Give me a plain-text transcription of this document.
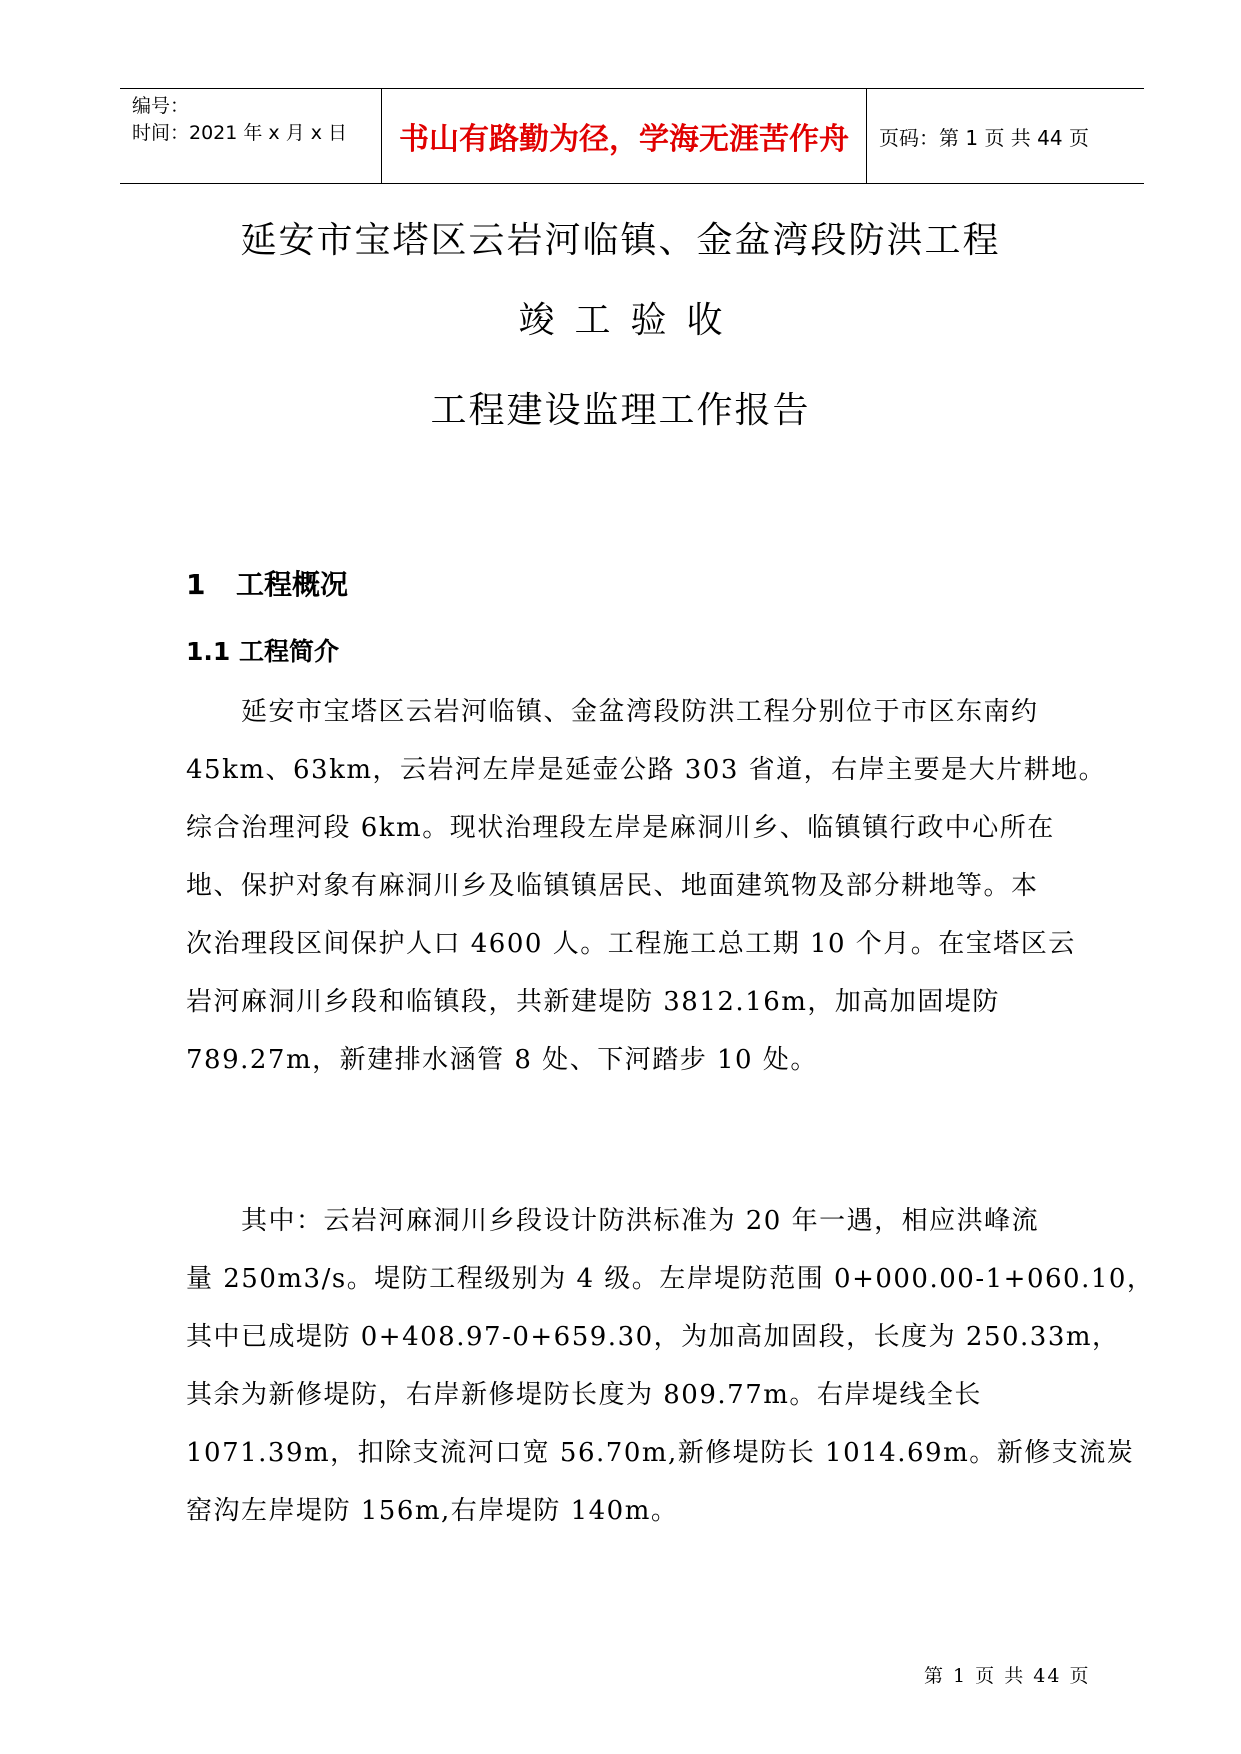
编号：
时间：2021 年 x 月 x 日	书山有路勤为径，学海无涯苦作舟	页码：第 1 页 共 44 页
延安市宝塔区云岩河临镇、金盆湾段防洪工程
竣工验收
工程建设监理工作报告
1 工程概况
1.1 工程简介
　　延安市宝塔区云岩河临镇、金盆湾段防洪工程分别位于市区东南约
45km、63km，云岩河左岸是延壶公路 303 省道，右岸主要是大片耕地。
综合治理河段 6km。现状治理段左岸是麻洞川乡、临镇镇行政中心所在
地、保护对象有麻洞川乡及临镇镇居民、地面建筑物及部分耕地等。本
次治理段区间保护人口 4600 人。工程施工总工期 10 个月。在宝塔区云
岩河麻洞川乡段和临镇段，共新建堤防 3812.16m，加高加固堤防
789.27m，新建排水涵管 8 处、下河踏步 10 处。
　　其中：云岩河麻洞川乡段设计防洪标准为 20 年一遇，相应洪峰流
量 250m3/s。堤防工程级别为 4 级。左岸堤防范围 0+000.00-1+060.10，
其中已成堤防 0+408.97-0+659.30，为加高加固段，长度为 250.33m，
其余为新修堤防，右岸新修堤防长度为 809.77m。右岸堤线全长
1071.39m，扣除支流河口宽 56.70m,新修堤防长 1014.69m。新修支流炭
窑沟左岸堤防 156m,右岸堤防 140m。
第 1 页 共 44 页
